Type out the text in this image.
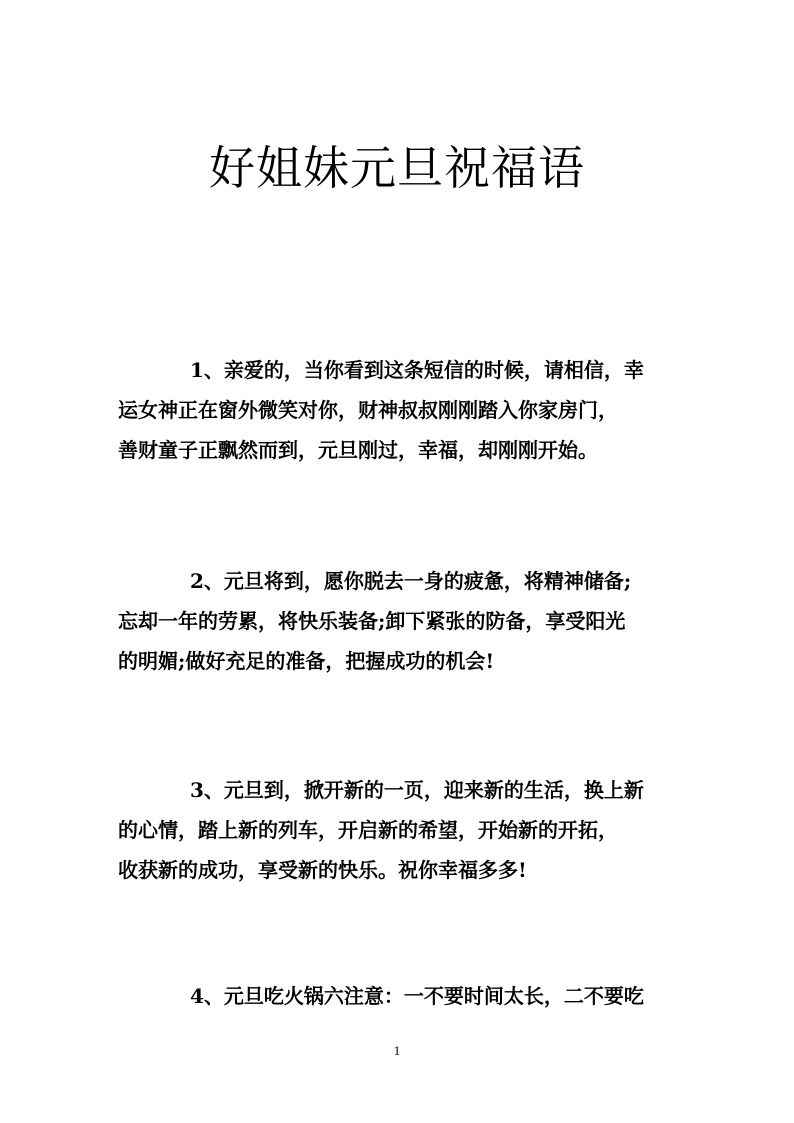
好姐妹元旦祝福语
1、亲爱的，当你看到这条短信的时候，请相信，幸
运女神正在窗外微笑对你，财神叔叔刚刚踏入你家房门，
善财童子正飘然而到，元旦刚过，幸福，却刚刚开始。
2、元旦将到，愿你脱去一身的疲惫，将精神储备;
忘却一年的劳累，将快乐装备;卸下紧张的防备，享受阳光
的明媚;做好充足的准备，把握成功的机会!
3、元旦到，掀开新的一页，迎来新的生活，换上新
的心情，踏上新的列车，开启新的希望，开始新的开拓，
收获新的成功，享受新的快乐。祝你幸福多多!
4、元旦吃火锅六注意：一不要时间太长，二不要吃
1
